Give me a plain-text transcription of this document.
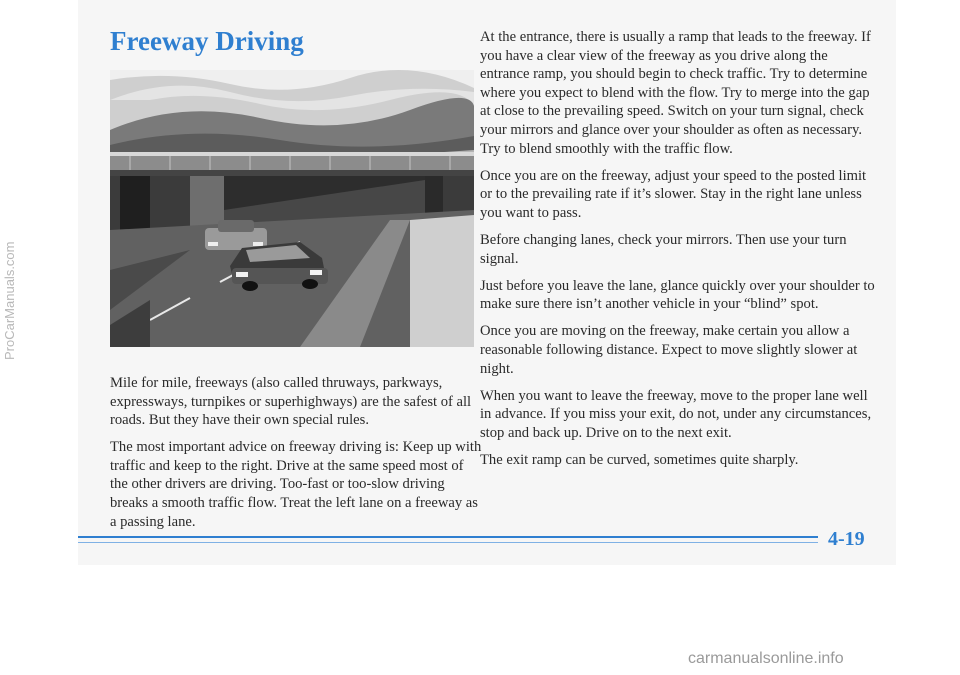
Freeway Driving

Mile for mile, freeways (also called thruways, parkways, expressways, turnpikes or superhighways) are the safest of all roads. But they have their own special rules.

The most important advice on freeway driving is: Keep up with traffic and keep to the right. Drive at the same speed most of the other drivers are driving. Too-fast or too-slow driving breaks a smooth traffic flow. Treat the left lane on a freeway as a passing lane.

At the entrance, there is usually a ramp that leads to the freeway. If you have a clear view of the freeway as you drive along the entrance ramp, you should begin to check traffic. Try to determine where you expect to blend with the flow. Try to merge into the gap at close to the prevailing speed. Switch on your turn signal, check your mirrors and glance over your shoulder as often as necessary. Try to blend smoothly with the traffic flow.

Once you are on the freeway, adjust your speed to the posted limit or to the prevailing rate if it’s slower. Stay in the right lane unless you want to pass.

Before changing lanes, check your mirrors. Then use your turn signal.

Just before you leave the lane, glance quickly over your shoulder to make sure there isn’t another vehicle in your “blind” spot.

Once you are moving on the freeway, make certain you allow a reasonable following distance. Expect to move slightly slower at night.

When you want to leave the freeway, move to the proper lane well in advance. If you miss your exit, do not, under any circumstances, stop and back up. Drive on to the next exit.

The exit ramp can be curved, sometimes quite sharply.

4-19
ProCarManuals.com
carmanualsonline.info
